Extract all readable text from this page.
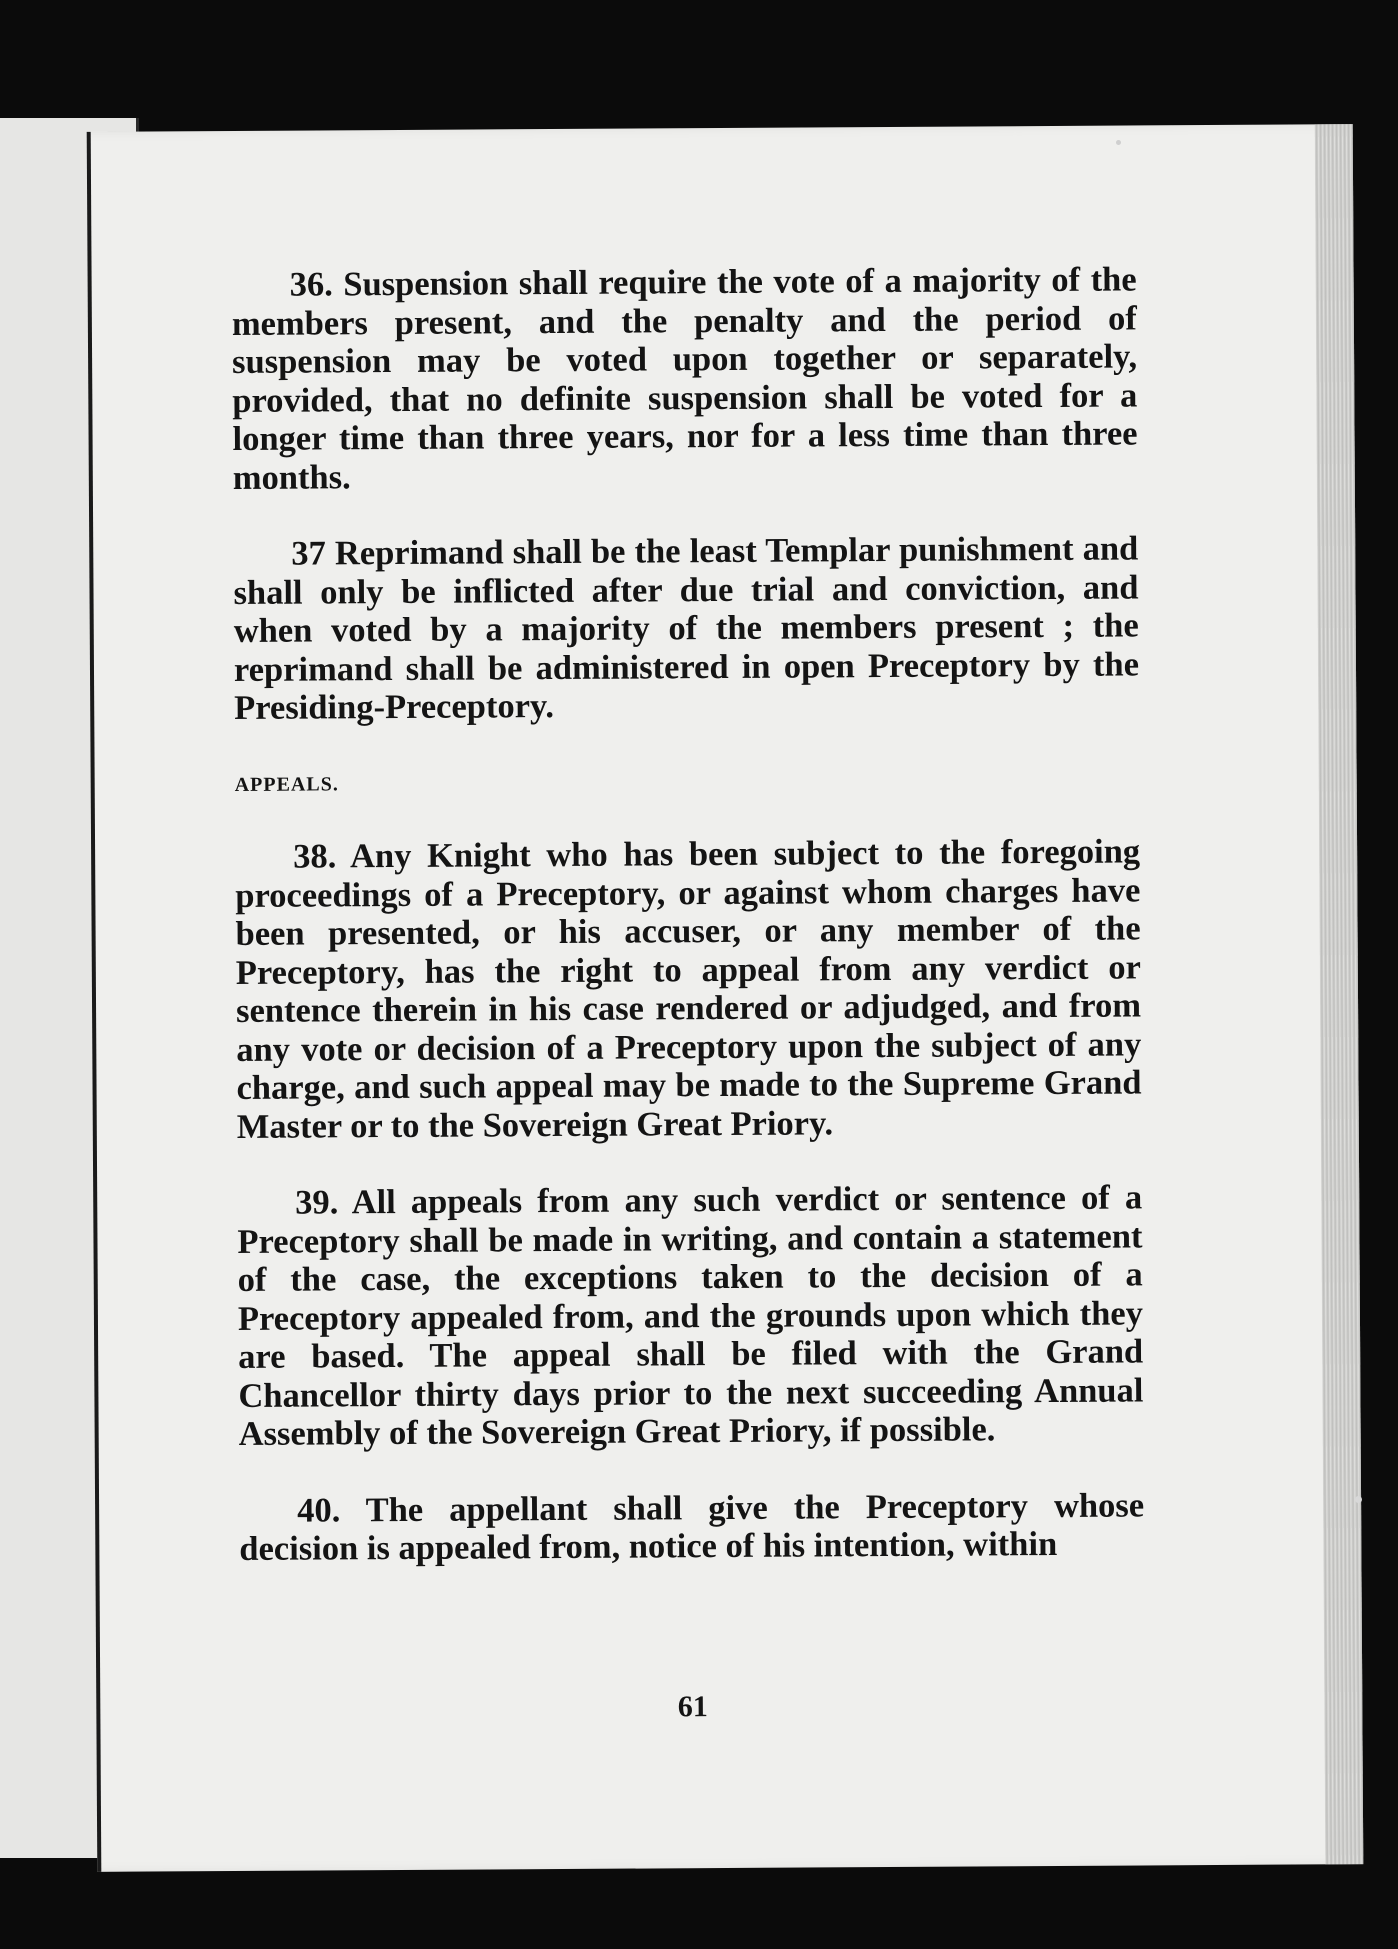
36. Suspension shall require the vote of a majority of the members present, and the penalty and the period of suspension may be voted upon together or separately, provided, that no definite suspension shall be voted for a longer time than three years, nor for a less time than three months.

37 Reprimand shall be the least Templar punishment and shall only be inflicted after due trial and conviction, and when voted by a majority of the members present ; the reprimand shall be administered in open Preceptory by the Presiding-Preceptory.

APPEALS.

38. Any Knight who has been subject to the foregoing proceedings of a Preceptory, or against whom charges have been presented, or his accuser, or any member of the Preceptory, has the right to appeal from any verdict or sentence therein in his case rendered or adjudged, and from any vote or decision of a Preceptory upon the subject of any charge, and such appeal may be made to the Supreme Grand Master or to the Sovereign Great Priory.

39. All appeals from any such verdict or sentence of a Preceptory shall be made in writing, and contain a statement of the case, the exceptions taken to the decision of a Preceptory appealed from, and the grounds upon which they are based. The appeal shall be filed with the Grand Chancellor thirty days prior to the next succeeding Annual Assembly of the Sovereign Great Priory, if possible.

40. The appellant shall give the Preceptory whose decision is appealed from, notice of his intention, within

61
